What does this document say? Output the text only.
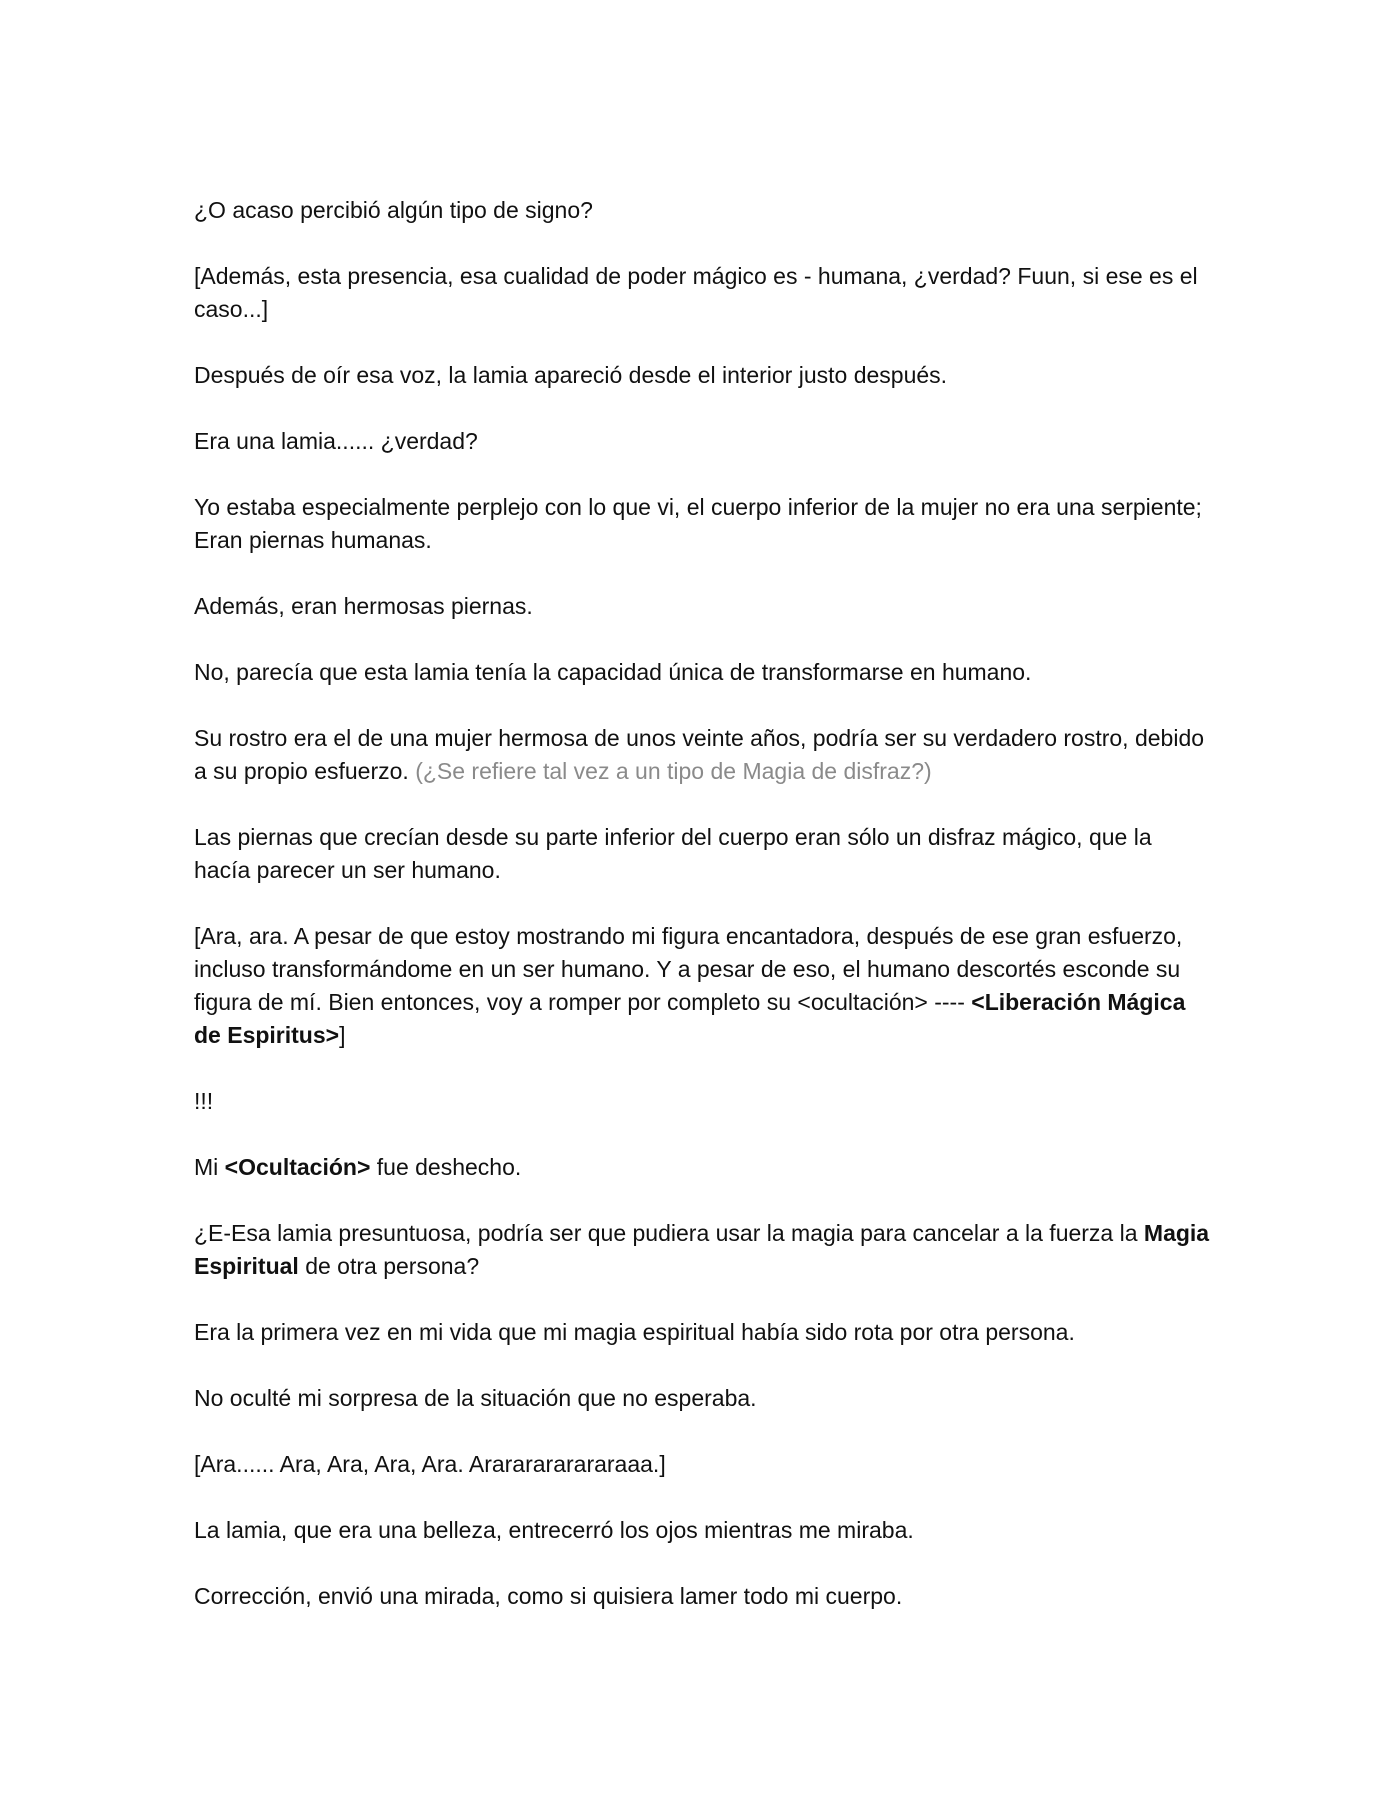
¿O acaso percibió algún tipo de signo?

[Además, esta presencia, esa cualidad de poder mágico es - humana, ¿verdad? Fuun, si ese es el caso...]

Después de oír esa voz, la lamia apareció desde el interior justo después.

Era una lamia...... ¿verdad?

Yo estaba especialmente perplejo con lo que vi, el cuerpo inferior de la mujer no era una serpiente; Eran piernas humanas.

Además, eran hermosas piernas.

No, parecía que esta lamia tenía la capacidad única de transformarse en humano.

Su rostro era el de una mujer hermosa de unos veinte años, podría ser su verdadero rostro, debido a su propio esfuerzo. (¿Se refiere tal vez a un tipo de Magia de disfraz?)

Las piernas que crecían desde su parte inferior del cuerpo eran sólo un disfraz mágico, que la hacía parecer un ser humano.

[Ara, ara. A pesar de que estoy mostrando mi figura encantadora, después de ese gran esfuerzo, incluso transformándome en un ser humano. Y a pesar de eso, el humano descortés esconde su figura de mí. Bien entonces, voy a romper por completo su <ocultación> ---- <Liberación Mágica de Espiritus>]

!!!

Mi <Ocultación> fue deshecho.

¿E-Esa lamia presuntuosa, podría ser que pudiera usar la magia para cancelar a la fuerza la Magia Espiritual de otra persona?

Era la primera vez en mi vida que mi magia espiritual había sido rota por otra persona.

No oculté mi sorpresa de la situación que no esperaba.

[Ara...... Ara, Ara, Ara, Ara. Arararararararaaa.]

La lamia, que era una belleza, entrecerró los ojos mientras me miraba.

Corrección, envió una mirada, como si quisiera lamer todo mi cuerpo.
